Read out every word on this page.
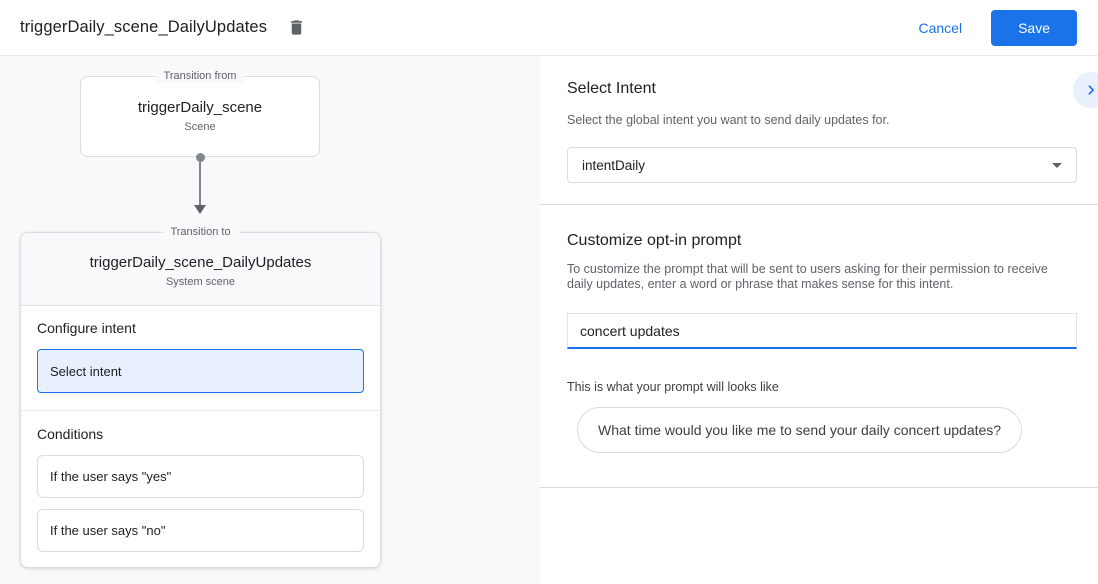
triggerDaily_scene_DailyUpdates	Cancel	Save
Transition from
triggerDaily_scene
Scene
Transition to
triggerDaily_scene_DailyUpdates
System scene
Configure intent
Select intent
Conditions
If the user says "yes"
If the user says "no"
Select Intent
Select the global intent you want to send daily updates for.
intentDaily
Customize opt-in prompt
To customize the prompt that will be sent to users asking for their permission to receive daily updates, enter a word or phrase that makes sense for this intent.
concert updates
This is what your prompt will looks like
What time would you like me to send your daily concert updates?
